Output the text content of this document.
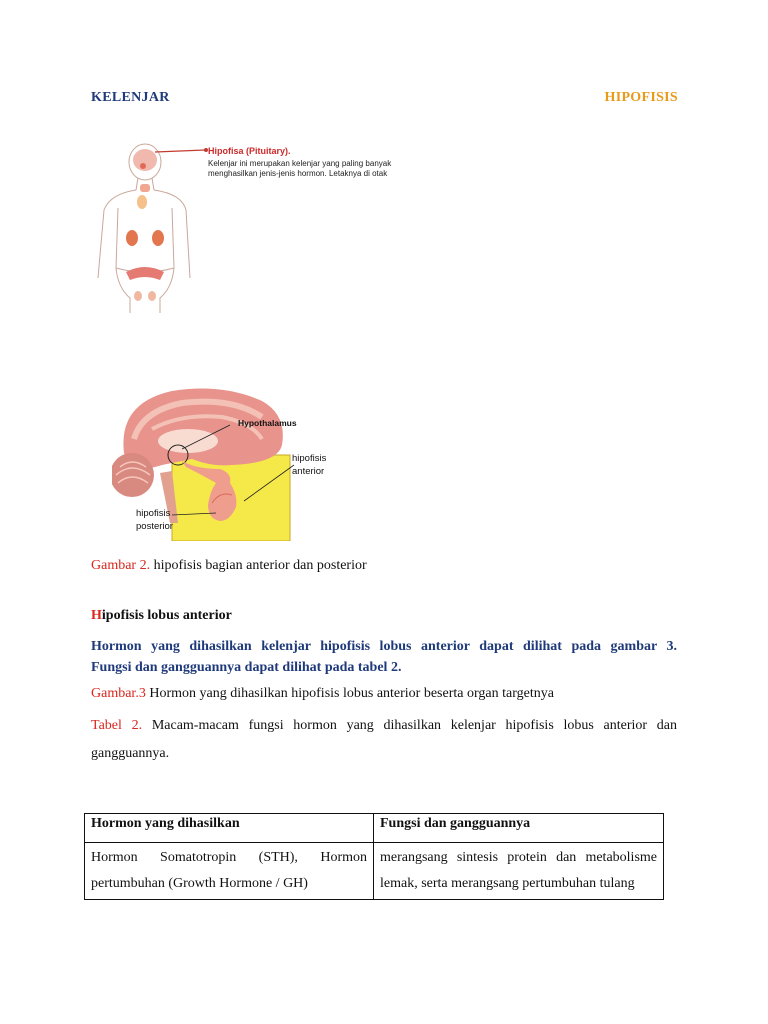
KELENJAR	HIPOFISIS
Hipofisa (Pituitary).
Kelenjar ini merupakan kelenjar yang paling banyak menghasilkan jenis-jenis hormon. Letaknya di otak
Hypothalamus
hipofisis anterior
hipofisis posterior
Gambar 2. hipofisis bagian anterior dan posterior
Hipofisis lobus anterior
Hormon yang dihasilkan kelenjar hipofisis lobus anterior dapat dilihat pada gambar 3.
Fungsi dan gangguannya dapat dilihat pada tabel 2.
Gambar.3 Hormon yang dihasilkan hipofisis lobus anterior beserta organ targetnya
Tabel 2. Macam-macam fungsi hormon yang dihasilkan kelenjar hipofisis lobus anterior dan gangguannya.
Hormon yang dihasilkan	Fungsi dan gangguannya
Hormon Somatotropin (STH), Hormon pertumbuhan (Growth Hormone / GH)	merangsang sintesis protein dan metabolisme lemak, serta merangsang pertumbuhan tulang
